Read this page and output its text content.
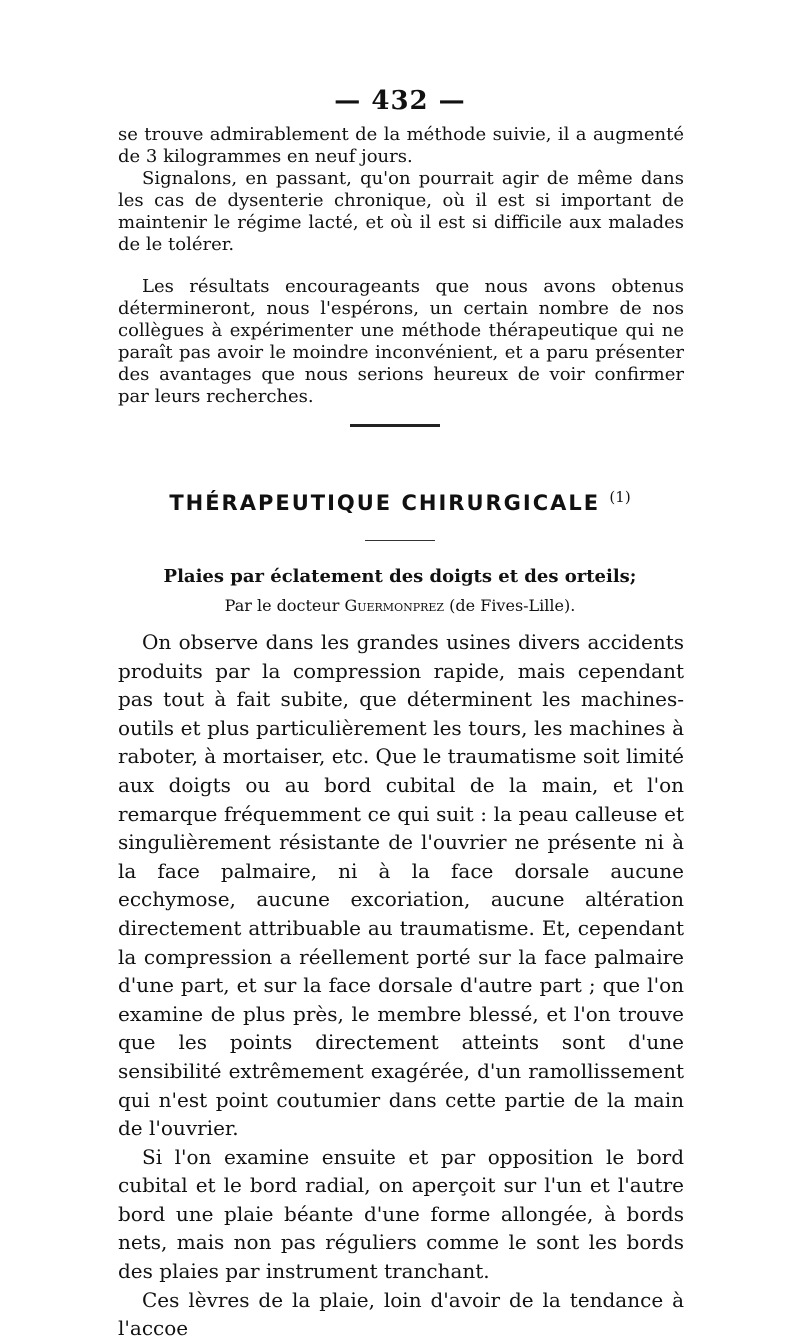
— 432 —

se trouve admirablement de la méthode suivie, il a augmenté de 3 kilogrammes en neuf jours.

Signalons, en passant, qu'on pourrait agir de même dans les cas de dysenterie chronique, où il est si important de maintenir le régime lacté, et où il est si difficile aux malades de le tolérer.

Les résultats encourageants que nous avons obtenus détermineront, nous l'espérons, un certain nombre de nos collègues à expérimenter une méthode thérapeutique qui ne paraît pas avoir le moindre inconvénient, et a paru présenter des avantages que nous serions heureux de voir confirmer par leurs recherches.

THÉRAPEUTIQUE CHIRURGICALE $^{(1)}$
Plaies par éclatement des doigts et des orteils;
Par le docteur Guermonprez (de Fives-Lille).

On observe dans les grandes usines divers accidents produits par la compression rapide, mais cependant pas tout à fait subite, que déterminent les machines-outils et plus particulièrement les tours, les machines à raboter, à mortaiser, etc. Que le traumatisme soit limité aux doigts ou au bord cubital de la main, et l'on remarque fréquemment ce qui suit : la peau calleuse et singulièrement résistante de l'ouvrier ne présente ni à la face palmaire, ni à la face dorsale aucune ecchymose, aucune excoriation, aucune altération directement attribuable au traumatisme. Et, cependant la compression a réellement porté sur la face palmaire d'une part, et sur la face dorsale d'autre part ; que l'on examine de plus près, le membre blessé, et l'on trouve que les points directement atteints sont d'une sensibilité extrêmement exagérée, d'un ramollissement qui n'est point coutumier dans cette partie de la main de l'ouvrier.

Si l'on examine ensuite et par opposition le bord cubital et le bord radial, on aperçoit sur l'un et l'autre bord une plaie béante d'une forme allongée, à bords nets, mais non pas réguliers comme le sont les bords des plaies par instrument tranchant.

Ces lèvres de la plaie, loin d'avoir de la tendance à l'accoe
